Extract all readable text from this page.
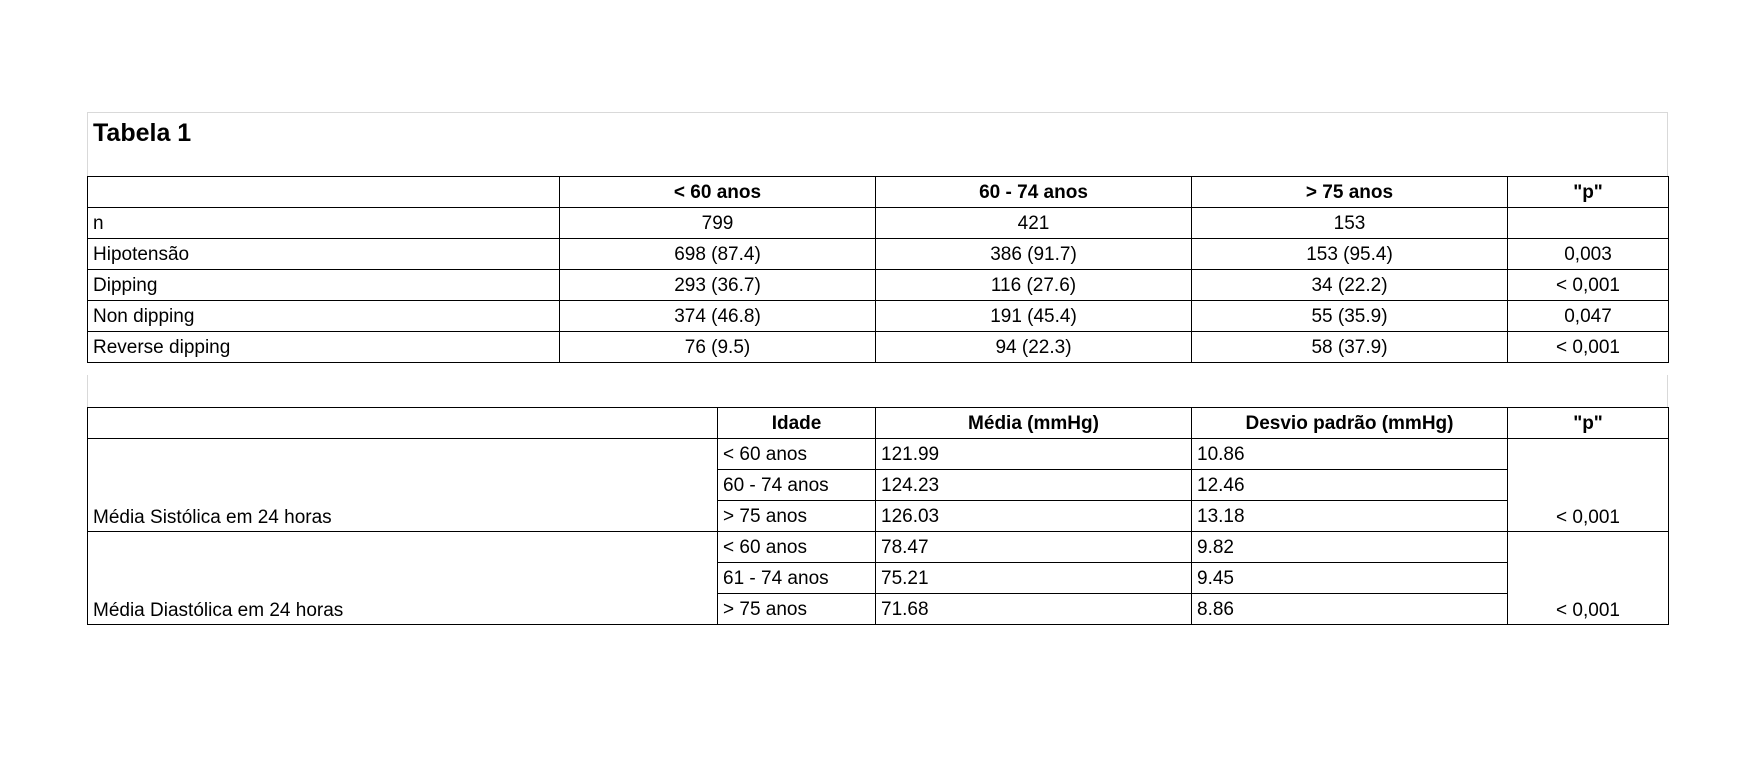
Tabela 1
	< 60 anos	60 - 74 anos	> 75 anos	"p"
n	799	421	153	
Hipotensão	698 (87.4)	386 (91.7)	153 (95.4)	0,003
Dipping	293 (36.7)	116 (27.6)	34 (22.2)	< 0,001
Non dipping	374 (46.8)	191 (45.4)	55 (35.9)	0,047
Reverse dipping	76 (9.5)	94 (22.3)	58 (37.9)	< 0,001
	Idade	Média (mmHg)	Desvio padrão (mmHg)	"p"
Média Sistólica em 24 horas	< 60 anos	121.99	10.86	< 0,001
	60 - 74 anos	124.23	12.46	
	> 75 anos	126.03	13.18	
Média Diastólica em 24 horas	< 60 anos	78.47	9.82	< 0,001
	61 - 74 anos	75.21	9.45	
	> 75 anos	71.68	8.86	
